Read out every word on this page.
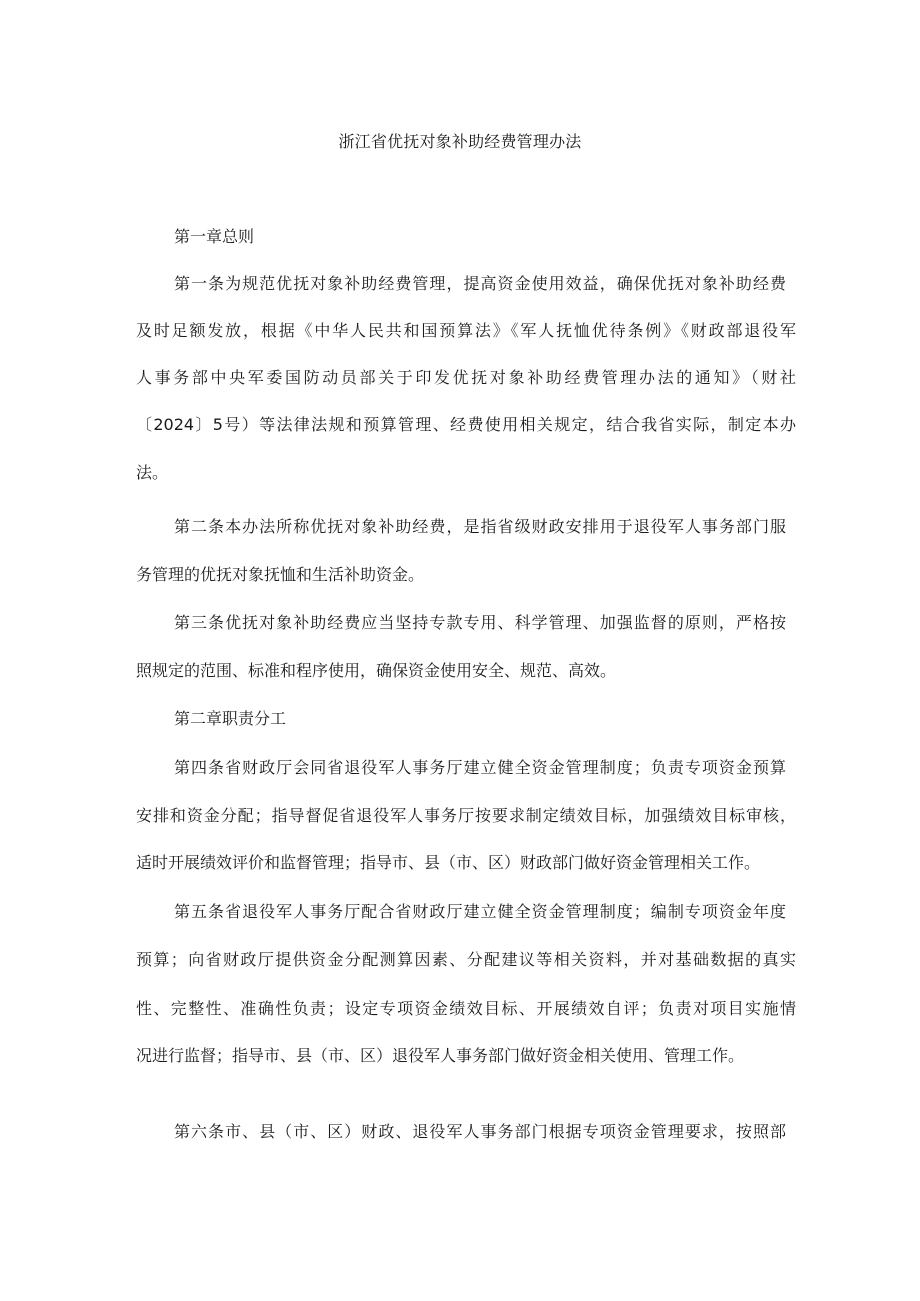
浙江省优抚对象补助经费管理办法
第一章总则
第一条为规范优抚对象补助经费管理，提高资金使用效益，确保优抚对象补助经费
及时足额发放，根据《中华人民共和国预算法》《军人抚恤优待条例》《财政部退役军
人事务部中央军委国防动员部关于印发优抚对象补助经费管理办法的通知》（财社
〔2024〕5号）等法律法规和预算管理、经费使用相关规定，结合我省实际，制定本办
法。
第二条本办法所称优抚对象补助经费，是指省级财政安排用于退役军人事务部门服
务管理的优抚对象抚恤和生活补助资金。
第三条优抚对象补助经费应当坚持专款专用、科学管理、加强监督的原则，严格按
照规定的范围、标准和程序使用，确保资金使用安全、规范、高效。
第二章职责分工
第四条省财政厅会同省退役军人事务厅建立健全资金管理制度；负责专项资金预算
安排和资金分配；指导督促省退役军人事务厅按要求制定绩效目标，加强绩效目标审核，
适时开展绩效评价和监督管理；指导市、县（市、区）财政部门做好资金管理相关工作。
第五条省退役军人事务厅配合省财政厅建立健全资金管理制度；编制专项资金年度
预算；向省财政厅提供资金分配测算因素、分配建议等相关资料，并对基础数据的真实
性、完整性、准确性负责；设定专项资金绩效目标、开展绩效自评；负责对项目实施情
况进行监督；指导市、县（市、区）退役军人事务部门做好资金相关使用、管理工作。
第六条市、县（市、区）财政、退役军人事务部门根据专项资金管理要求，按照部
